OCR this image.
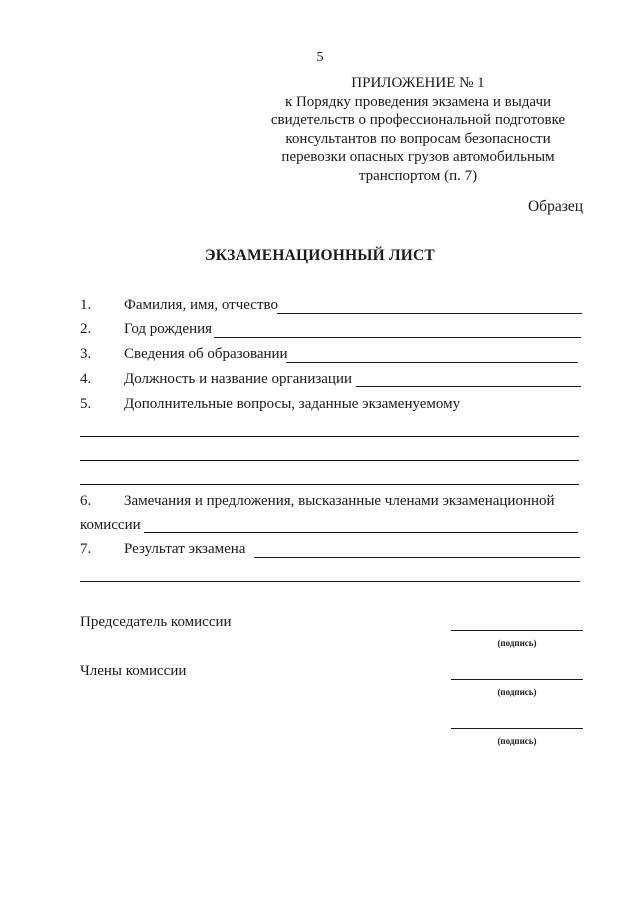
5
ПРИЛОЖЕНИЕ № 1
к Порядку проведения экзамена и выдачи
свидетельств о профессиональной подготовке
консультантов по вопросам безопасности
перевозки опасных грузов автомобильным
транспортом (п. 7)
Образец
ЭКЗАМЕНАЦИОННЫЙ ЛИСТ
1. Фамилия, имя, отчество
2. Год рождения
3. Сведения об образовании
4. Должность и название организации
5. Дополнительные вопросы, заданные экзаменуемому
6. Замечания и предложения, высказанные членами экзаменационной
комиссии
7. Результат экзамена
Председатель комиссии
(подпись)
Члены комиссии
(подпись)
(подпись)
